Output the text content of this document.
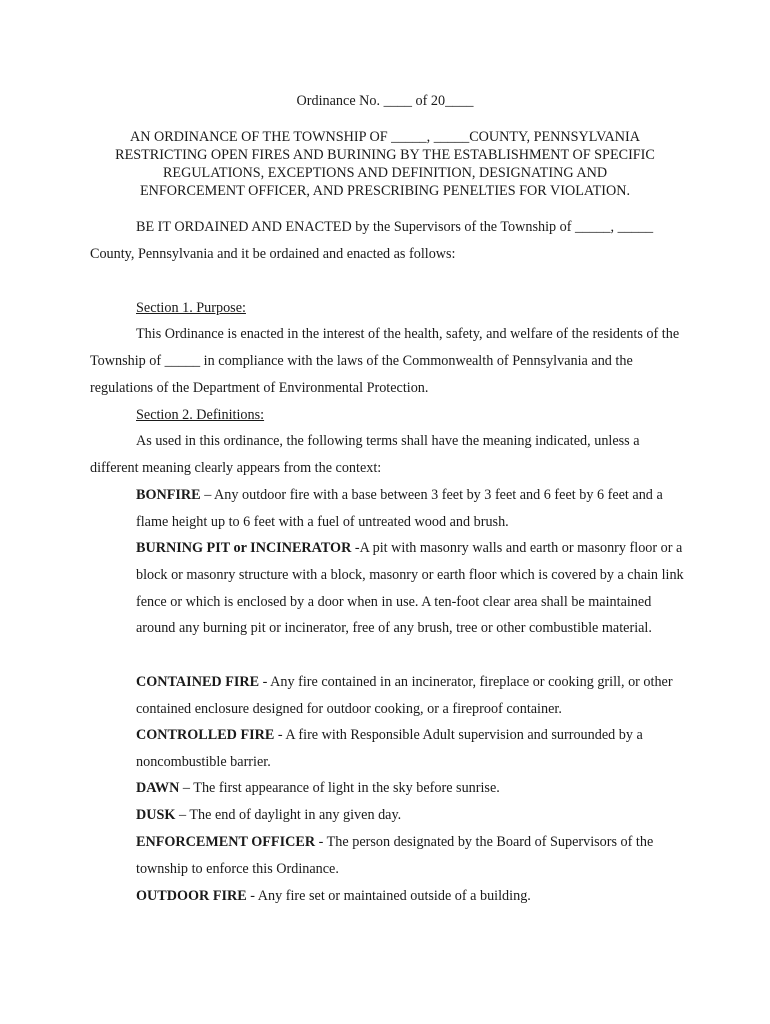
Ordinance No. ____ of 20____
AN ORDINANCE OF THE TOWNSHIP OF _____, _____COUNTY, PENNSYLVANIA
RESTRICTING OPEN FIRES AND BURINING BY THE ESTABLISHMENT OF SPECIFIC
REGULATIONS, EXCEPTIONS AND DEFINITION, DESIGNATING AND
ENFORCEMENT OFFICER, AND PRESCRIBING PENELTIES FOR VIOLATION.
BE IT ORDAINED AND ENACTED by the Supervisors of the Township of _____, _____ County, Pennsylvania and it be ordained and enacted as follows:
Section 1. Purpose:
This Ordinance is enacted in the interest of the health, safety, and welfare of the residents of the Township of _____ in compliance with the laws of the Commonwealth of Pennsylvania and the regulations of the Department of Environmental Protection.
Section 2. Definitions:
As used in this ordinance, the following terms shall have the meaning indicated, unless a different meaning clearly appears from the context:
BONFIRE – Any outdoor fire with a base between 3 feet by 3 feet and 6 feet by 6 feet and a flame height up to 6 feet with a fuel of untreated wood and brush.
BURNING PIT or INCINERATOR -A pit with masonry walls and earth or masonry floor or a block or masonry structure with a block, masonry or earth floor which is covered by a chain link fence or which is enclosed by a door when in use. A ten-foot clear area shall be maintained around any burning pit or incinerator, free of any brush, tree or other combustible material.
CONTAINED FIRE - Any fire contained in an incinerator, fireplace or cooking grill, or other contained enclosure designed for outdoor cooking, or a fireproof container.
CONTROLLED FIRE - A fire with Responsible Adult supervision and surrounded by a noncombustible barrier.
DAWN – The first appearance of light in the sky before sunrise.
DUSK – The end of daylight in any given day.
ENFORCEMENT OFFICER - The person designated by the Board of Supervisors of the township to enforce this Ordinance.
OUTDOOR FIRE - Any fire set or maintained outside of a building.
